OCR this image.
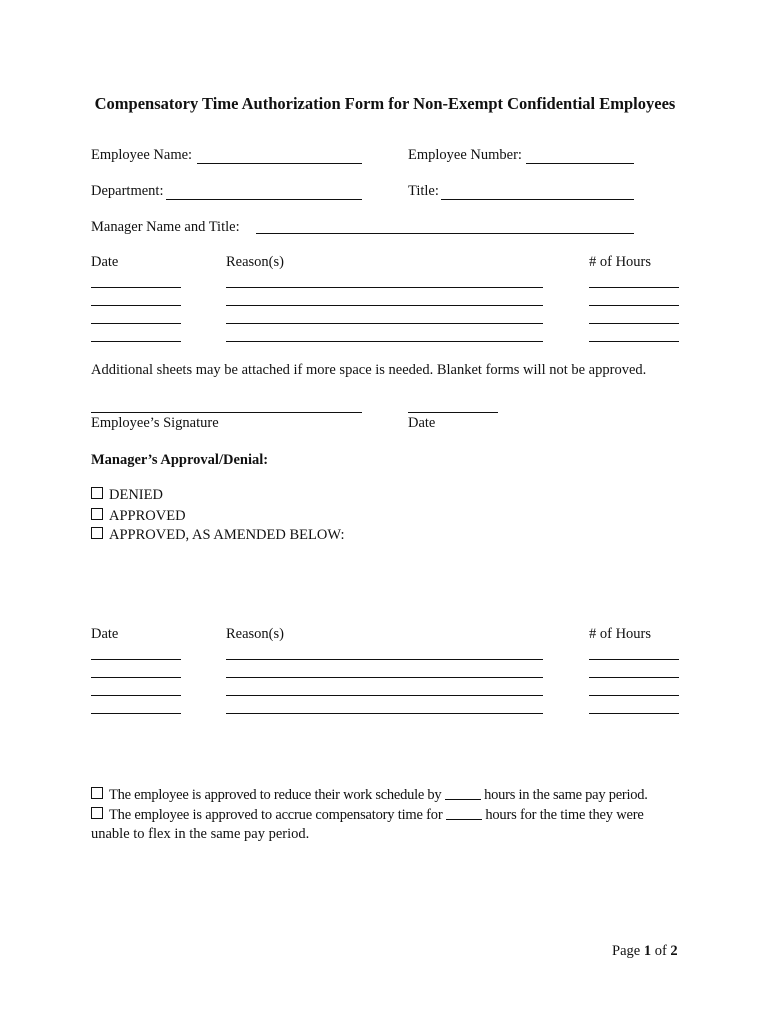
Compensatory Time Authorization Form for Non-Exempt Confidential Employees
Employee Name:	Employee Number:
Department:	Title:
Manager Name and Title:
Date	Reason(s)	# of Hours
Additional sheets may be attached if more space is needed. Blanket forms will not be approved.
Employee’s Signature	Date
Manager’s Approval/Denial:
DENIED
APPROVED
APPROVED, AS AMENDED BELOW:
Date	Reason(s)	# of Hours
The employee is approved to reduce their work schedule by	hours in the same pay period.
The employee is approved to accrue compensatory time for	hours for the time they were
unable to flex in the same pay period.
Page 1 of 2
